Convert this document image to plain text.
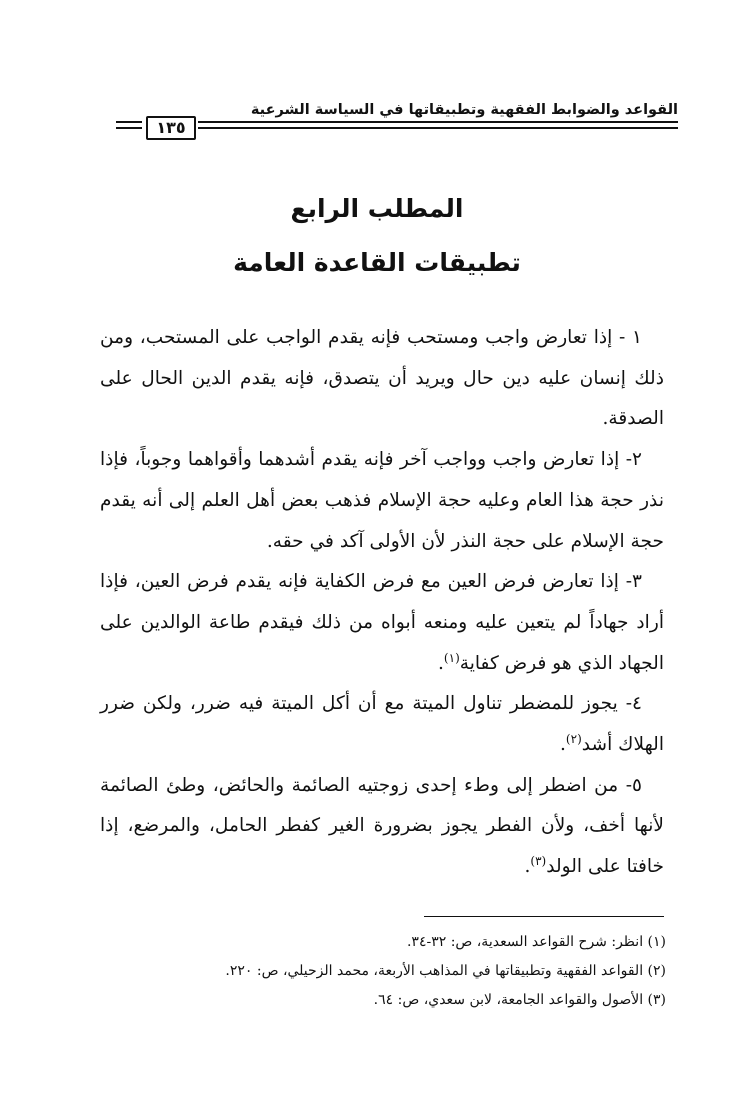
القواعد والضوابط الفقهية وتطبيقاتها في السياسة الشرعية
١٣٥
المطلب الرابع
تطبيقات القاعدة العامة

١ - إذا تعارض واجب ومستحب فإنه يقدم الواجب على المستحب، ومن ذلك إنسان عليه دين حال ويريد أن يتصدق، فإنه يقدم الدين الحال على الصدقة.

٢- إذا تعارض واجب وواجب آخر فإنه يقدم أشدهما وأقواهما وجوباً، فإذا نذر حجة هذا العام وعليه حجة الإسلام فذهب بعض أهل العلم إلى أنه يقدم حجة الإسلام على حجة النذر لأن الأولى آكد في حقه.

٣- إذا تعارض فرض العين مع فرض الكفاية فإنه يقدم فرض العين، فإذا أراد جهاداً لم يتعين عليه ومنعه أبواه من ذلك فيقدم طاعة الوالدين على الجهاد الذي هو فرض كفاية$^{(١)}$.

٤- يجوز للمضطر تناول الميتة مع أن أكل الميتة فيه ضرر، ولكن ضرر الهلاك أشد$^{(٢)}$.

٥- من اضطر إلى وطء إحدى زوجتيه الصائمة والحائض، وطئ الصائمة لأنها أخف، ولأن الفطر يجوز بضرورة الغير كفطر الحامل، والمرضع، إذا خافتا على الولد$^{(٣)}$.

(١) انظر: شرح القواعد السعدية، ص: ٣٢-٣٤.
(٢) القواعد الفقهية وتطبيقاتها في المذاهب الأربعة، محمد الزحيلي، ص: ٢٢٠.
(٣) الأصول والقواعد الجامعة، لابن سعدي، ص: ٦٤.
